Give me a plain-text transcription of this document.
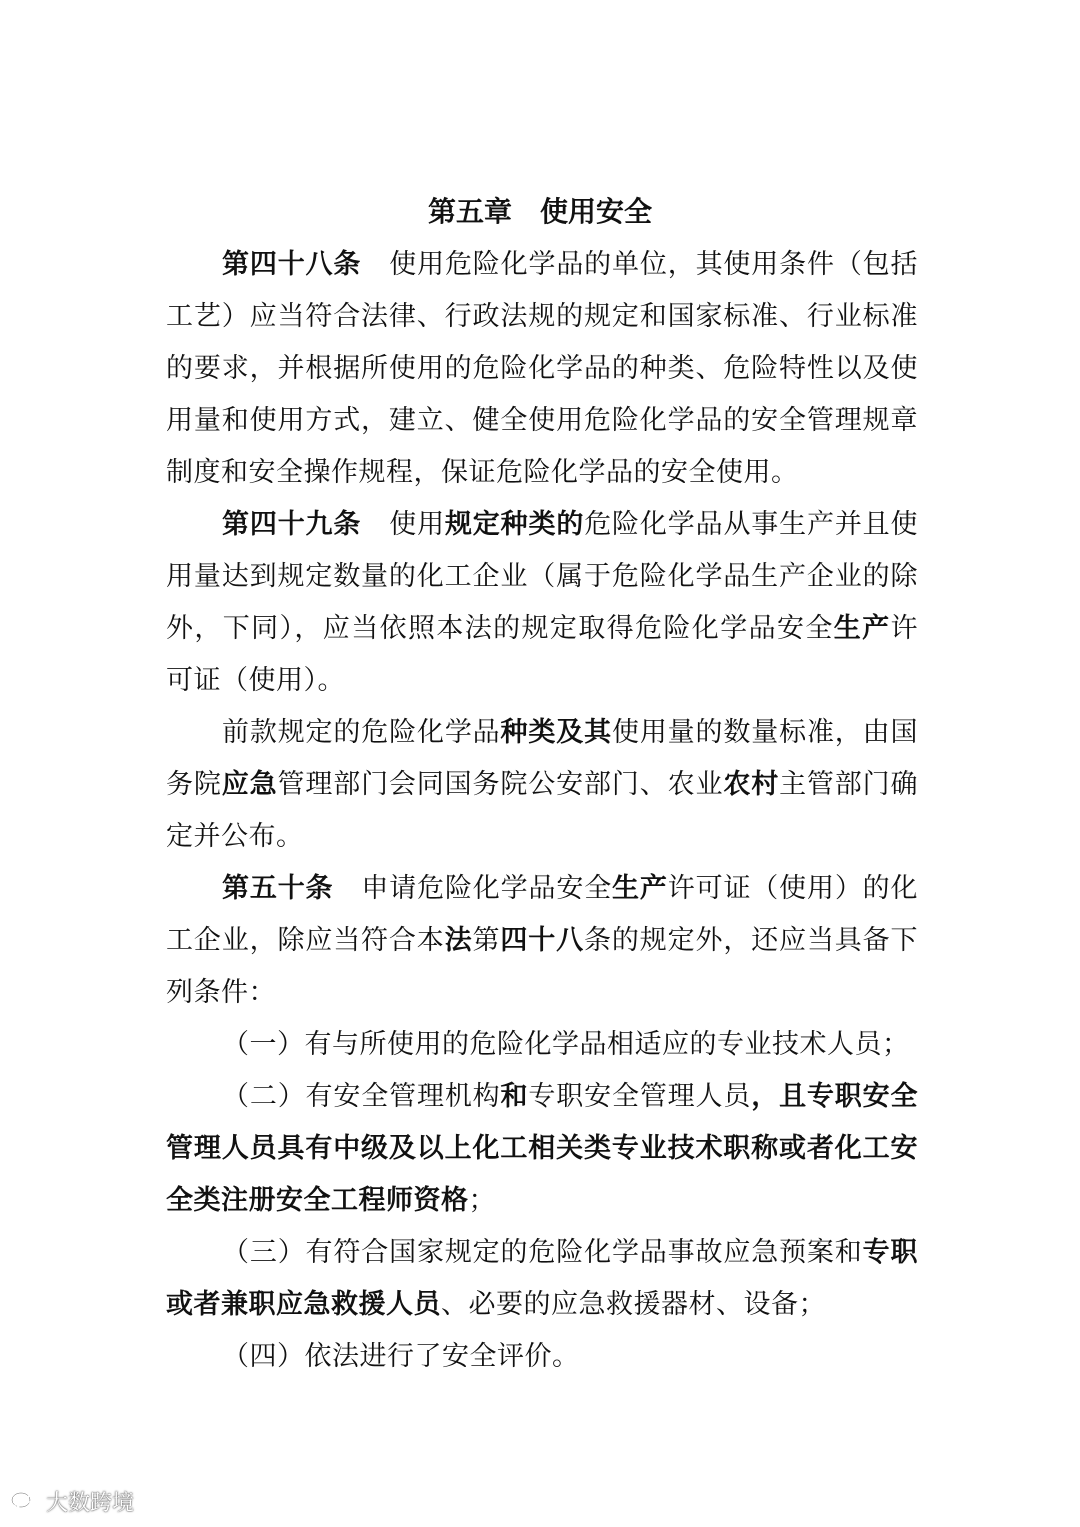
第五章　使用安全

第四十八条 使用危险化学品的单位，其使用条件（包括工艺）应当符合法律、行政法规的规定和国家标准、行业标准的要求，并根据所使用的危险化学品的种类、危险特性以及使用量和使用方式，建立、健全使用危险化学品的安全管理规章制度和安全操作规程，保证危险化学品的安全使用。

第四十九条 使用规定种类的危险化学品从事生产并且使用量达到规定数量的化工企业（属于危险化学品生产企业的除外，下同），应当依照本法的规定取得危险化学品安全生产许可证（使用）。

前款规定的危险化学品种类及其使用量的数量标准，由国务院应急管理部门会同国务院公安部门、农业农村主管部门确定并公布。

第五十条 申请危险化学品安全生产许可证（使用）的化工企业，除应当符合本法第四十八条的规定外，还应当具备下列条件：

（一）有与所使用的危险化学品相适应的专业技术人员；

（二）有安全管理机构和专职安全管理人员，且专职安全管理人员具有中级及以上化工相关类专业技术职称或者化工安全类注册安全工程师资格；

（三）有符合国家规定的危险化学品事故应急预案和专职或者兼职应急救援人员、必要的应急救援器材、设备；

（四）依法进行了安全评价。

大数跨境
